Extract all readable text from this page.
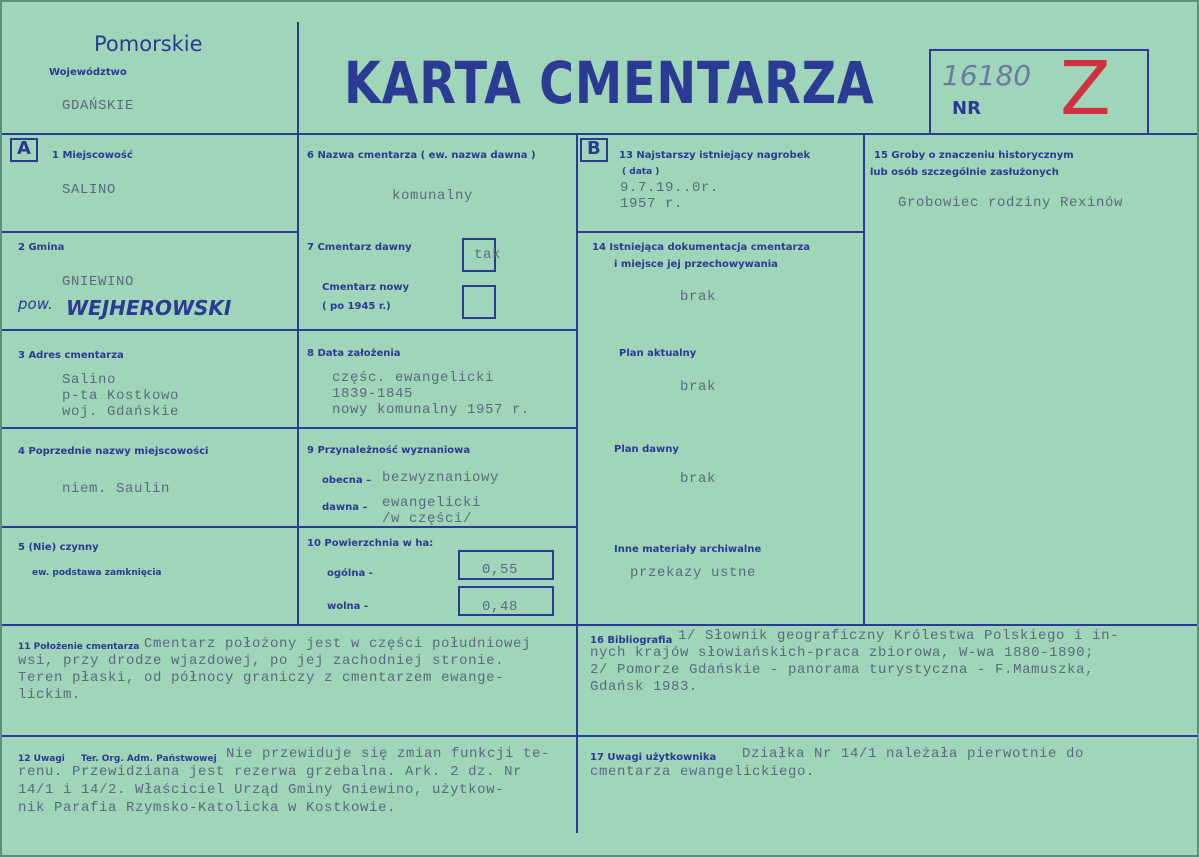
Pomorskie
Województwo
GDAŃSKIE	KARTA CMENTARZA 16180
NR Z
A	B
1 Miejscowość
SALINO
2 Gmina
GNIEWINO
pow. WEJHEROWSKI
3 Adres cmentarza
Salino
p-ta Kostkowo
woj. Gdańskie
4 Poprzednie nazwy miejscowości
niem. Saulin
5 (Nie) czynny
ew. podstawa zamknięcia
6 Nazwa cmentarza ( ew. nazwa dawna )
komunalny
7 Cmentarz dawny	tak
Cmentarz nowy
( po 1945 r.)
8 Data założenia
częśc. ewangelicki
1839-1845
nowy komunalny 1957 r.
9 Przynależność wyznaniowa
obecna – bezwyznaniowy
dawna – ewangelicki
/w części/
10 Powierzchnia w ha:
ogólna -	0,55
wolna -	0,48
13 Najstarszy istniejący nagrobek
( data )
9.7.19..0r.
1957 r.
14 Istniejąca dokumentacja cmentarza
i miejsce jej przechowywania
brak
Plan aktualny
brak
Plan dawny
brak
Inne materiały archiwalne
przekazy ustne
15 Groby o znaczeniu historycznym
lub osób szczególnie zasłużonych
Grobowiec rodziny Rexinów
11 Położenie cmentarza Cmentarz położony jest w części południowej
wsi, przy drodze wjazdowej, po jej zachodniej stronie.
Teren płaski, od północy graniczy z cmentarzem ewange-
lickim.
12 Uwagi Ter. Org. Adm. Państwowej Nie przewiduje się zmian funkcji te-
renu. Przewidziana jest rezerwa grzebalna. Ark. 2 dz. Nr
14/1 i 14/2. Właściciel Urząd Gminy Gniewino, użytkow-
nik Parafia Rzymsko-Katolicka w Kostkowie.
16 Bibliografia 1/ Słownik geograficzny Królestwa Polskiego i in-
nych krajów słowiańskich-praca zbiorowa, W-wa 1880-1890;
2/ Pomorze Gdańskie - panorama turystyczna - F.Mamuszka,
Gdańsk 1983.
17 Uwagi użytkownika Działka Nr 14/1 należała pierwotnie do
cmentarza ewangelickiego.
